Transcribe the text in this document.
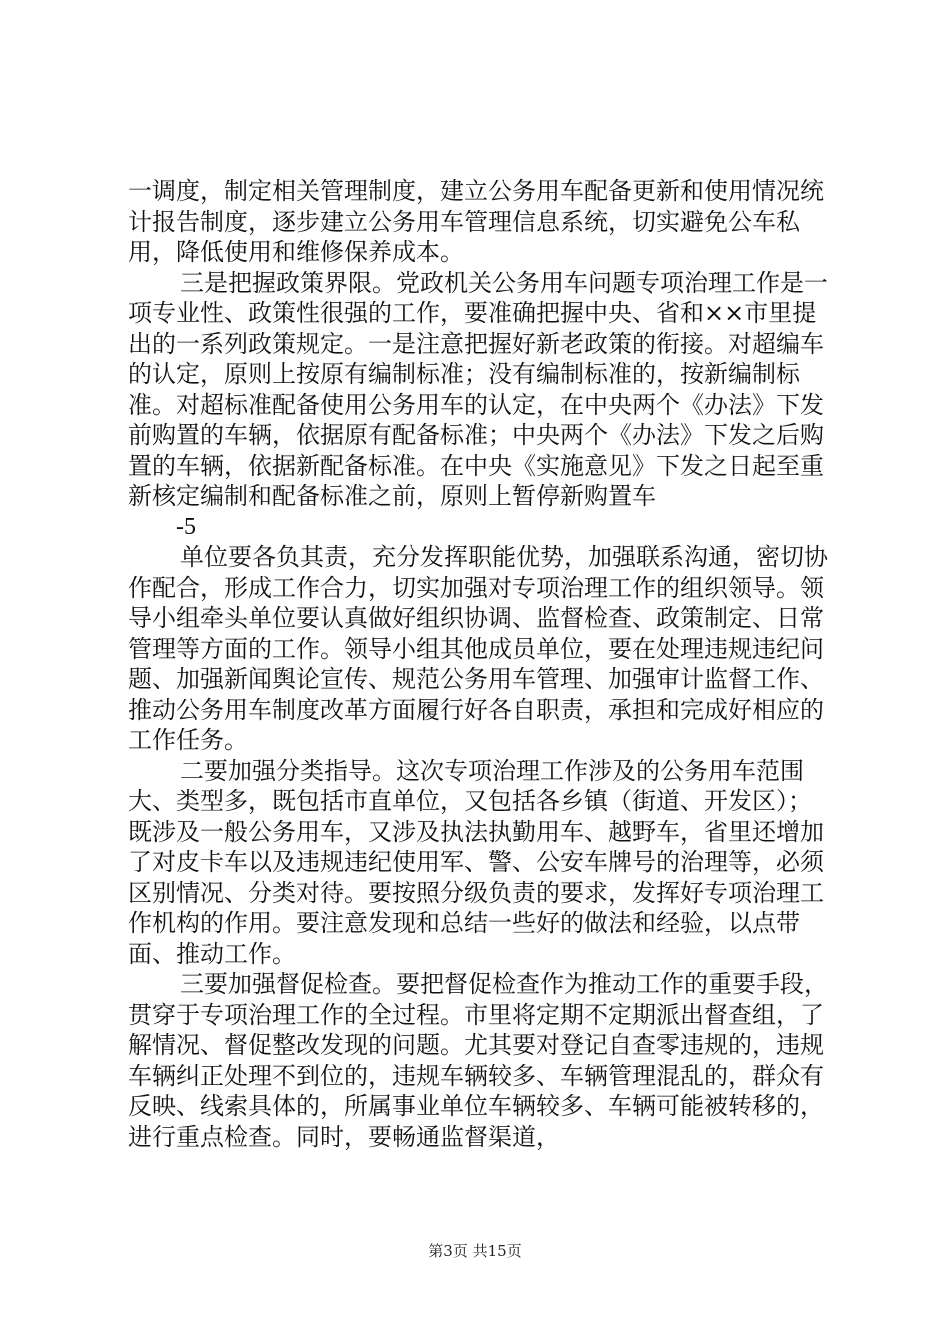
一调度，制定相关管理制度，建立公务用车配备更新和使用情况统计报告制度，逐步建立公务用车管理信息系统，切实避免公车私用，降低使用和维修保养成本。

三是把握政策界限。党政机关公务用车问题专项治理工作是一项专业性、政策性很强的工作，要准确把握中央、省和××市里提出的一系列政策规定。一是注意把握好新老政策的衔接。对超编车的认定，原则上按原有编制标准；没有编制标准的，按新编制标准。对超标准配备使用公务用车的认定，在中央两个《办法》下发前购置的车辆，依据原有配备标准；中央两个《办法》下发之后购置的车辆，依据新配备标准。在中央《实施意见》下发之日起至重新核定编制和配备标准之前，原则上暂停新购置车

-5

单位要各负其责，充分发挥职能优势，加强联系沟通，密切协作配合，形成工作合力，切实加强对专项治理工作的组织领导。领导小组牵头单位要认真做好组织协调、监督检查、政策制定、日常管理等方面的工作。领导小组其他成员单位，要在处理违规违纪问题、加强新闻舆论宣传、规范公务用车管理、加强审计监督工作、推动公务用车制度改革方面履行好各自职责，承担和完成好相应的工作任务。

二要加强分类指导。这次专项治理工作涉及的公务用车范围大、类型多，既包括市直单位，又包括各乡镇（街道、开发区）；既涉及一般公务用车，又涉及执法执勤用车、越野车，省里还增加了对皮卡车以及违规违纪使用军、警、公安车牌号的治理等，必须区别情况、分类对待。要按照分级负责的要求，发挥好专项治理工作机构的作用。要注意发现和总结一些好的做法和经验，以点带面、推动工作。

三要加强督促检查。要把督促检查作为推动工作的重要手段，贯穿于专项治理工作的全过程。市里将定期不定期派出督查组，了解情况、督促整改发现的问题。尤其要对登记自查零违规的，违规车辆纠正处理不到位的，违规车辆较多、车辆管理混乱的，群众有反映、线索具体的，所属事业单位车辆较多、车辆可能被转移的，进行重点检查。同时，要畅通监督渠道，

第3页 共15页
